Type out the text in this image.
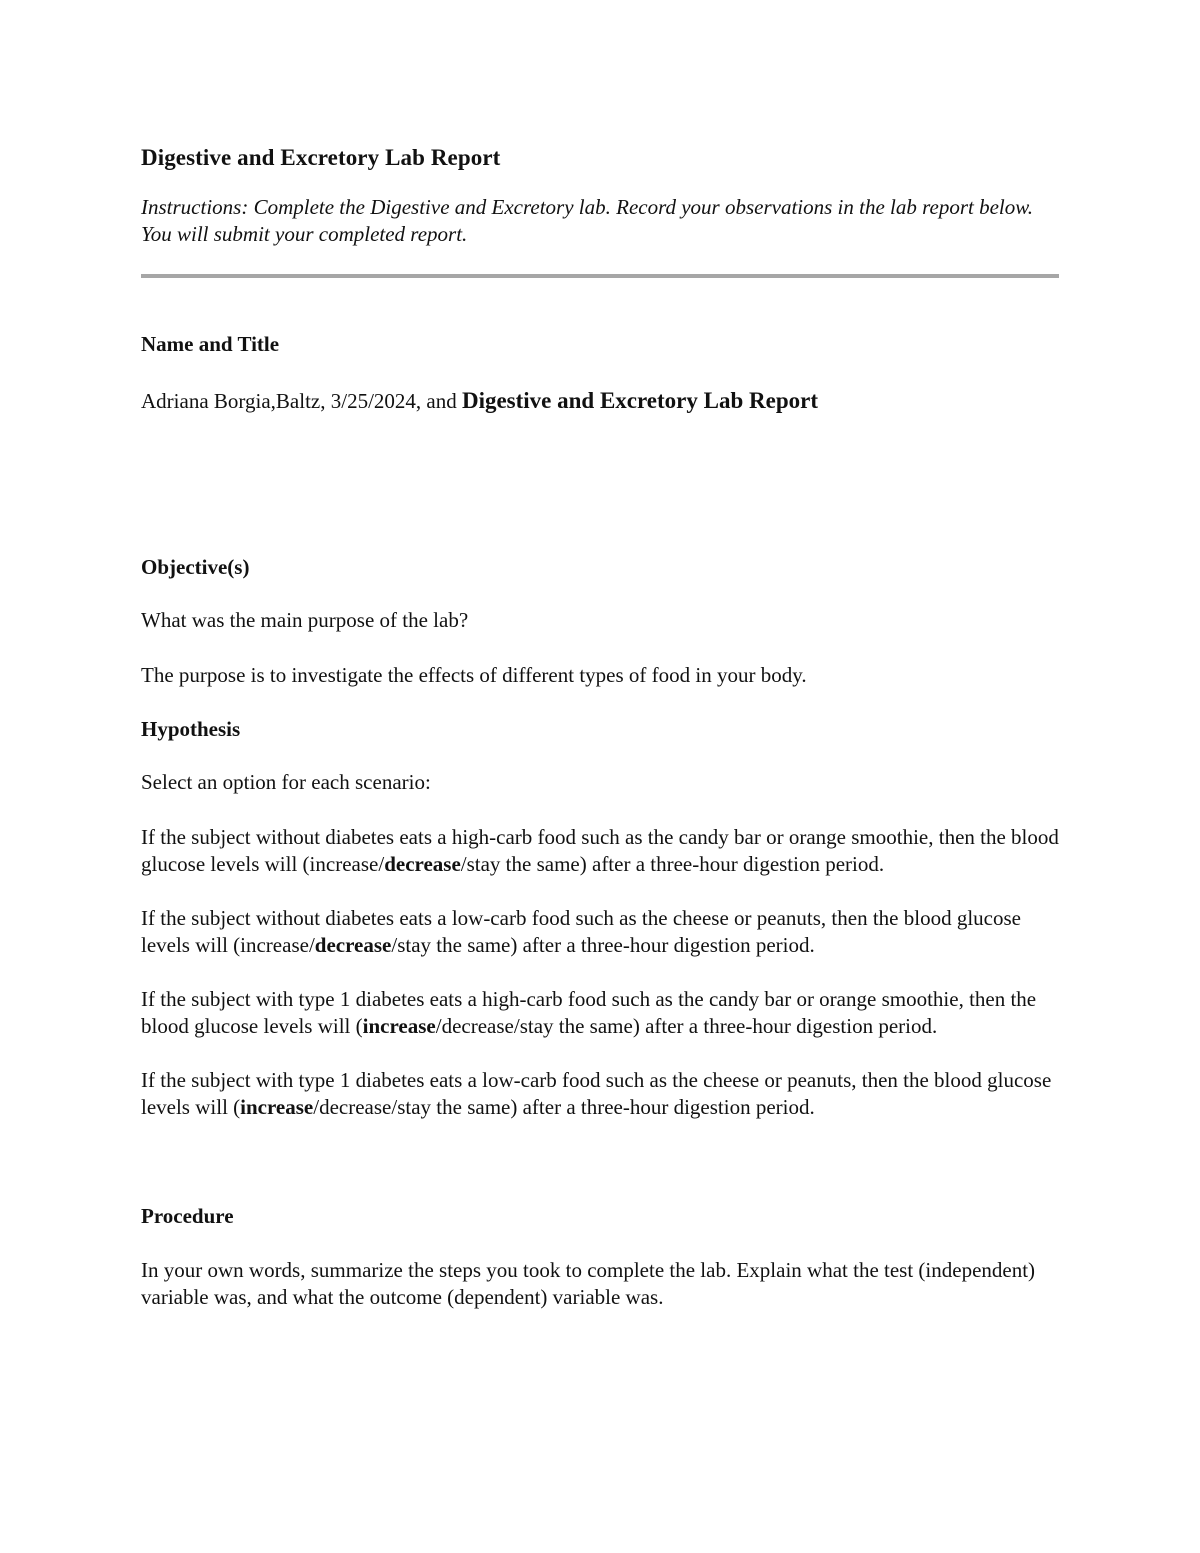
Digestive and Excretory Lab Report

Instructions: Complete the Digestive and Excretory lab. Record your observations in the lab report below. You will submit your completed report.

Name and Title

Adriana Borgia,Baltz, 3/25/2024, and Digestive and Excretory Lab Report

Objective(s)

What was the main purpose of the lab?

The purpose is to investigate the effects of different types of food in your body.

Hypothesis

Select an option for each scenario:

If the subject without diabetes eats a high-carb food such as the candy bar or orange smoothie, then the blood glucose levels will (increase/decrease/stay the same) after a three-hour digestion period.

If the subject without diabetes eats a low-carb food such as the cheese or peanuts, then the blood glucose levels will (increase/decrease/stay the same) after a three-hour digestion period.

If the subject with type 1 diabetes eats a high-carb food such as the candy bar or orange smoothie, then the blood glucose levels will (increase/decrease/stay the same) after a three-hour digestion period.

If the subject with type 1 diabetes eats a low-carb food such as the cheese or peanuts, then the blood glucose levels will (increase/decrease/stay the same) after a three-hour digestion period.

Procedure

In your own words, summarize the steps you took to complete the lab. Explain what the test (independent) variable was, and what the outcome (dependent) variable was.
